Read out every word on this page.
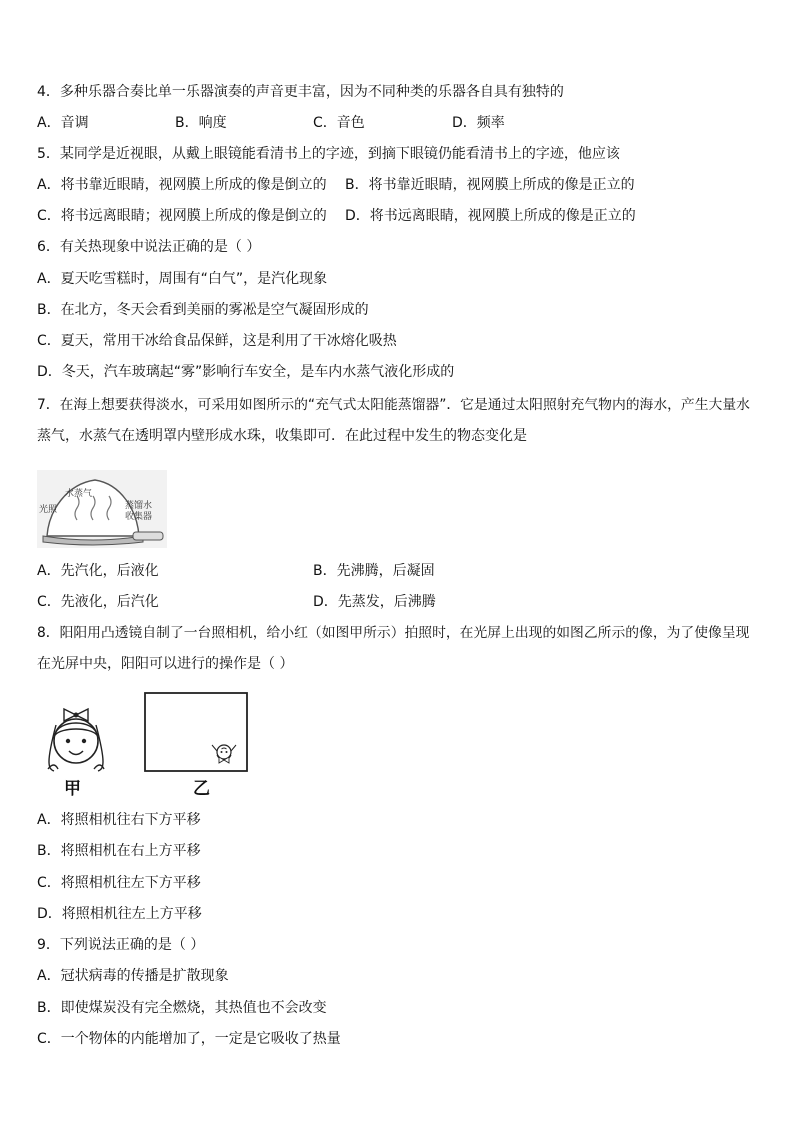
4．多种乐器合奏比单一乐器演奏的声音更丰富，因为不同种类的乐器各自具有独特的
A．音调	B．响度	C．音色	D．频率
5．某同学是近视眼，从戴上眼镜能看清书上的字迹，到摘下眼镜仍能看清书上的字迹，他应该
A．将书靠近眼睛，视网膜上所成的像是倒立的 B．将书靠近眼睛，视网膜上所成的像是正立的
C．将书远离眼睛；视网膜上所成的像是倒立的 D．将书远离眼睛，视网膜上所成的像是正立的
6．有关热现象中说法正确的是（ ）
A．夏天吃雪糕时，周围有“白气”，是汽化现象
B．在北方，冬天会看到美丽的雾凇是空气凝固形成的
C．夏天，常用干冰给食品保鲜，这是利用了干冰熔化吸热
D．冬天，汽车玻璃起“雾”影响行车安全，是车内水蒸气液化形成的
7．在海上想要获得淡水，可采用如图所示的“充气式太阳能蒸馏器”．它是通过太阳照射充气物内的海水，产生大量水
蒸气，水蒸气在透明罩内壁形成水珠，收集即可．在此过程中发生的物态变化是
水蒸气
光照	蒸馏水
收集器
A．先汽化，后液化	B．先沸腾，后凝固
C．先液化，后汽化	D．先蒸发，后沸腾
8．阳阳用凸透镜自制了一台照相机，给小红（如图甲所示）拍照时，在光屏上出现的如图乙所示的像，为了使像呈现
在光屏中央，阳阳可以进行的操作是（ ）
甲	乙
A．将照相机往右下方平移
B．将照相机在右上方平移
C．将照相机往左下方平移
D．将照相机往左上方平移
9．下列说法正确的是（ ）
A．冠状病毒的传播是扩散现象
B．即使煤炭没有完全燃烧，其热值也不会改变
C．一个物体的内能增加了，一定是它吸收了热量
